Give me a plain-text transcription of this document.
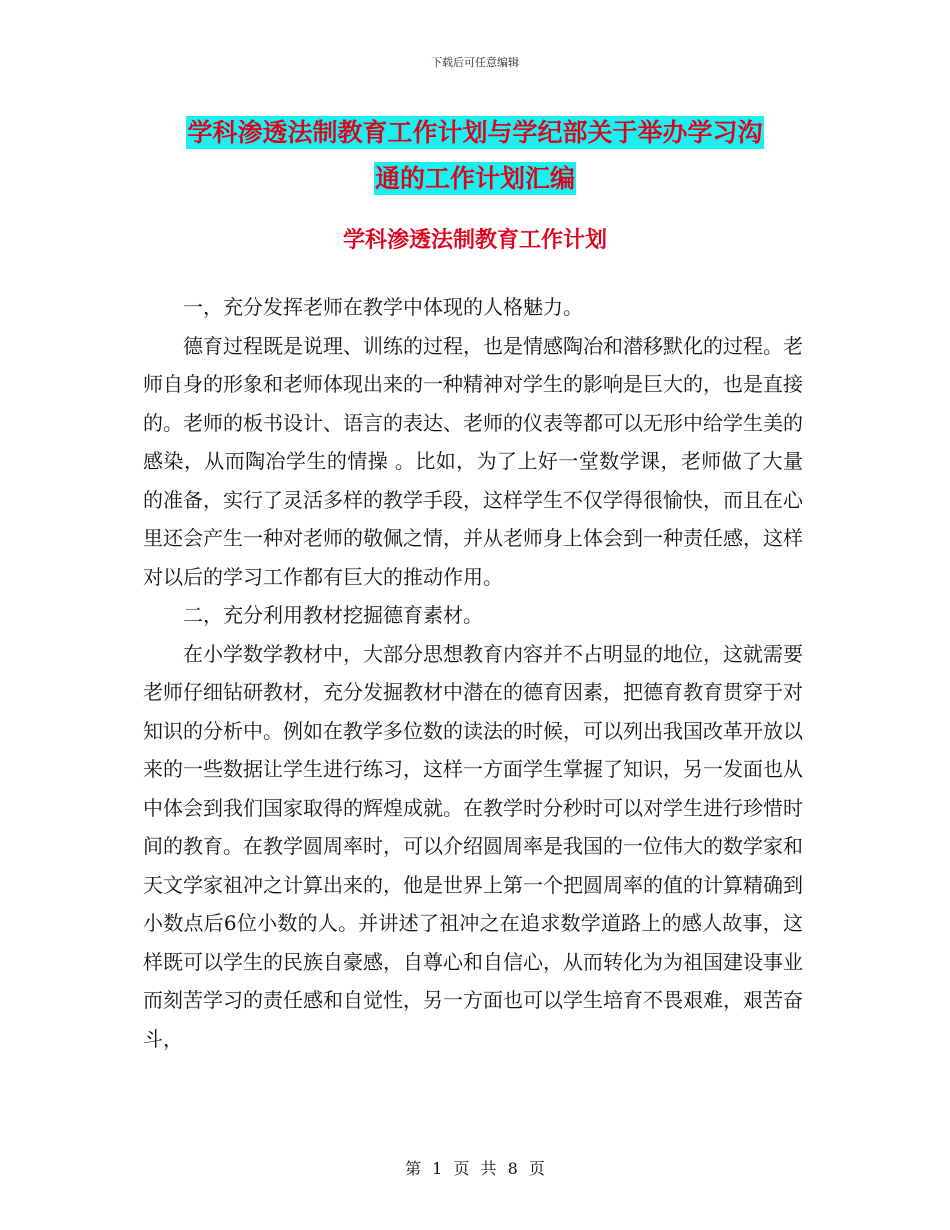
下载后可任意编辑
学科渗透法制教育工作计划与学纪部关于举办学习沟
通的工作计划汇编
学科渗透法制教育工作计划

一，充分发挥老师在教学中体现的人格魅力。

德育过程既是说理、训练的过程，也是情感陶冶和潜移默化的过程。老师自身的形象和老师体现出来的一种精神对学生的影响是巨大的，也是直接的。老师的板书设计、语言的表达、老师的仪表等都可以无形中给学生美的感染，从而陶冶学生的情操 。比如，为了上好一堂数学课，老师做了大量的准备，实行了灵活多样的教学手段，这样学生不仅学得很愉快，而且在心里还会产生一种对老师的敬佩之情，并从老师身上体会到一种责任感，这样对以后的学习工作都有巨大的推动作用。

二，充分利用教材挖掘德育素材。

在小学数学教材中，大部分思想教育内容并不占明显的地位，这就需要老师仔细钻研教材，充分发掘教材中潜在的德育因素，把德育教育贯穿于对知识的分析中。例如在教学多位数的读法的时候，可以列出我国改革开放以来的一些数据让学生进行练习，这样一方面学生掌握了知识，另一发面也从中体会到我们国家取得的辉煌成就。在教学时分秒时可以对学生进行珍惜时间的教育。在教学圆周率时，可以介绍圆周率是我国的一位伟大的数学家和天文学家祖冲之计算出来的，他是世界上第一个把圆周率的值的计算精确到小数点后6位小数的人。并讲述了祖冲之在追求数学道路上的感人故事，这样既可以学生的民族自豪感，自尊心和自信心，从而转化为为祖国建设事业而刻苦学习的责任感和自觉性，另一方面也可以学生培育不畏艰难，艰苦奋斗，

第 1 页 共 8 页
